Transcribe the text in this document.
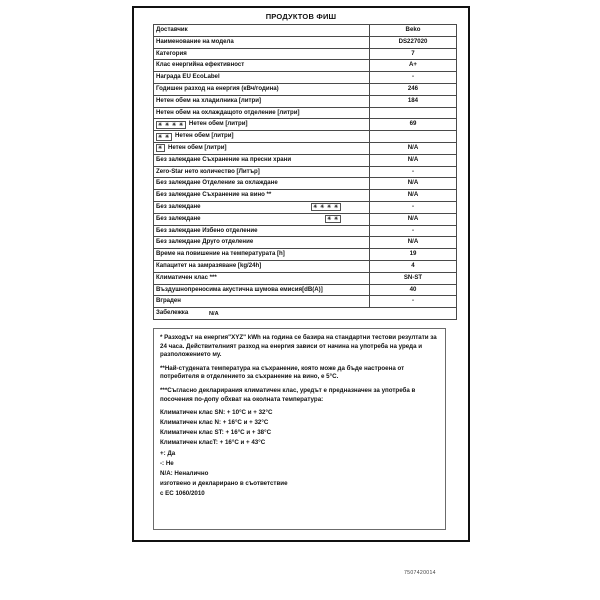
ПРОДУКТОВ ФИШ
Доставчик	Beko
Наименование на модела	DS227020
Категория	7
Клас енергийна ефективност	A+
Награда EU EcoLabel	-
Годишен разход на енергия (кВч/година)	246
Нетен обем на хладилника [литри]	184
Нетен обем на охлаждащото отделение [литри]	

✳ ✳ ✳ ✳ Нетен обем [литри]	69

✳ ✳ Нетен обем [литри]	

✳ Нетен обем [литри]	N/A
Без залеждане Съхранение на пресни храни	N/A
Zero-Star нето количество [Литър]	-
Без залеждане Отделение за охлаждане	N/A
Без залеждане Съхранение на вино **	N/A

Без залеждане ✳ ✳ ✳ ✳	-

Без залеждане ✳ ✳	N/A
Без залеждане Избено отделение	-
Без залеждане Друго отделение	N/A
Време на повишение на температурата [h]	19
Капацитет на замразяване [kg/24h]	4
Климатичен клас ***	SN-ST
Въздушнопреносима акустична шумова емисия[dB(A)]	40
Вграден	-

Забележка N/A	

* Разходът на енергия"XYZ" kWh на година се базира на стандартни тестови резултати за 24 часа. Действителният разход на енергия зависи от начина на употреба на уреда и разположението му.

**Най-студената температура на съхранение, която може да бъде настроена от потребителя в отделението за съхранение на вино, е 5°C.

***Съгласно декларирания климатичен клас, уредът е предназначен за употреба в посочения по-допу обхват на околната температура:

Климатичен клас SN: + 10°C и + 32°C

Климатичен клас N: + 16°C и + 32°C

Климатичен клас ST: + 16°C и + 38°C

Климатичен класT: + 16°C и + 43°C

+: Да

-: Не

N/A: Неналично

изготвено и декларирано в съответствие

с ЕС 1060/2010

7507420014
